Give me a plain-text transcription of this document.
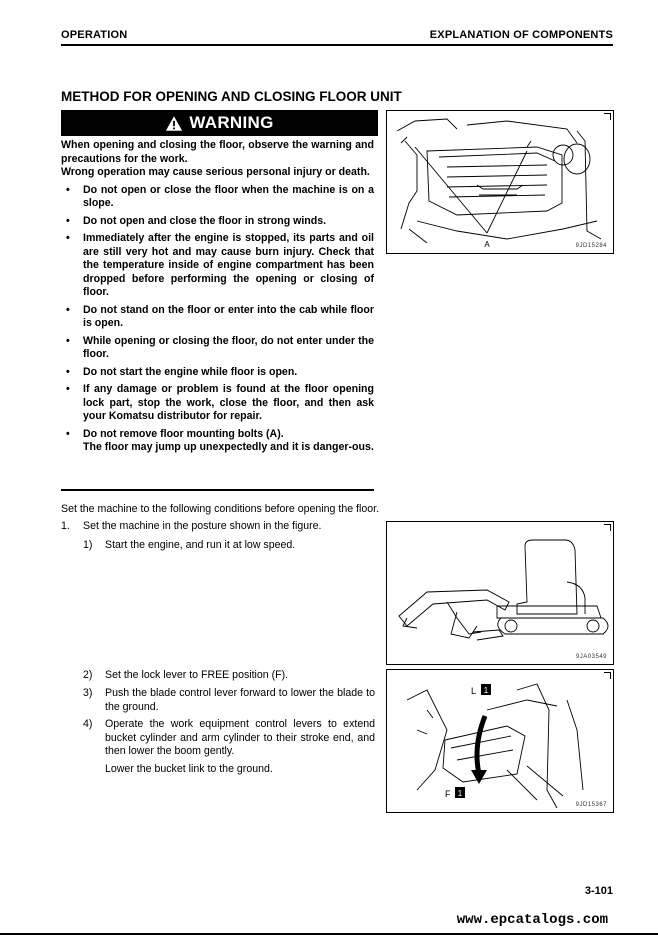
OPERATION	EXPLANATION OF COMPONENTS
METHOD FOR OPENING AND CLOSING FLOOR UNIT
WARNING

When opening and closing the floor, observe the warning and precautions for the work.

Wrong operation may cause serious personal injury or death.

• Do not open or close the floor when the machine is on a slope.
• Do not open and close the floor in strong winds.
• Immediately after the engine is stopped, its parts and oil are still very hot and may cause burn injury. Check that the temperature inside of engine compartment has been dropped before performing the opening or closing of floor.
• Do not stand on the floor or enter into the cab while floor is open.
• While opening or closing the floor, do not enter under the floor.
• Do not start the engine while floor is open.
• If any damage or problem is found at the floor opening lock part, stop the work, close the floor, and then ask your Komatsu distributor for repair.
• Do not remove floor mounting bolts (A).
The floor may jump up unexpectedly and it is danger-ous.
Set the machine to the following conditions before opening the floor.
1. Set the machine in the posture shown in the figure.
1) Start the engine, and run it at low speed.
2) Set the lock lever to FREE position (F).
3) Push the blade control lever forward to lower the blade to the ground.
4) Operate the work equipment control levers to extend bucket cylinder and arm cylinder to their stroke end, and then lower the boom gently.
Lower the bucket link to the ground.
A	9JD15284
9JA03549
L 1
F 1
9JD15367
3-101
www.epcatalogs.com
